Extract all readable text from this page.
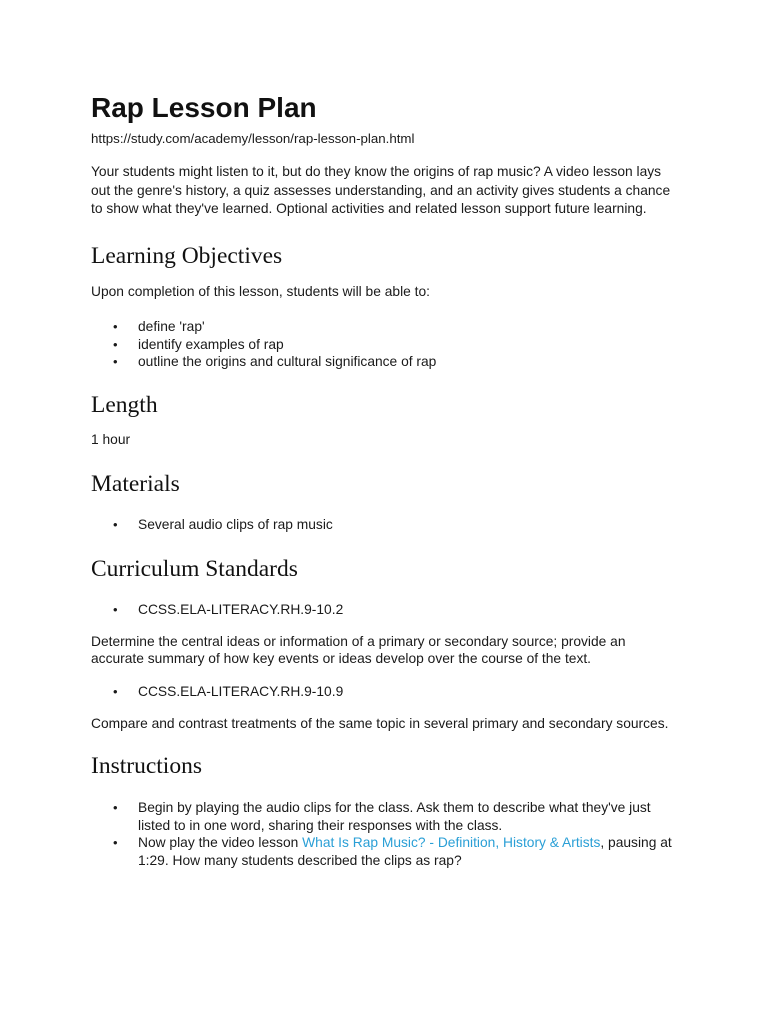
Rap Lesson Plan

https://study.com/academy/lesson/rap-lesson-plan.html

Your students might listen to it, but do they know the origins of rap music? A video lesson lays out the genre's history, a quiz assesses understanding, and an activity gives students a chance to show what they've learned. Optional activities and related lesson support future learning.

Learning Objectives

Upon completion of this lesson, students will be able to:

• define 'rap'
• identify examples of rap
• outline the origins and cultural significance of rap
Length

1 hour

Materials
• Several audio clips of rap music
Curriculum Standards
• CCSS.ELA-LITERACY.RH.9-10.2

Determine the central ideas or information of a primary or secondary source; provide an accurate summary of how key events or ideas develop over the course of the text.

• CCSS.ELA-LITERACY.RH.9-10.9

Compare and contrast treatments of the same topic in several primary and secondary sources.

Instructions
• Begin by playing the audio clips for the class. Ask them to describe what they've just listed to in one word, sharing their responses with the class.
• Now play the video lesson What Is Rap Music? - Definition, History & Artists, pausing at 1:29. How many students described the clips as rap?
